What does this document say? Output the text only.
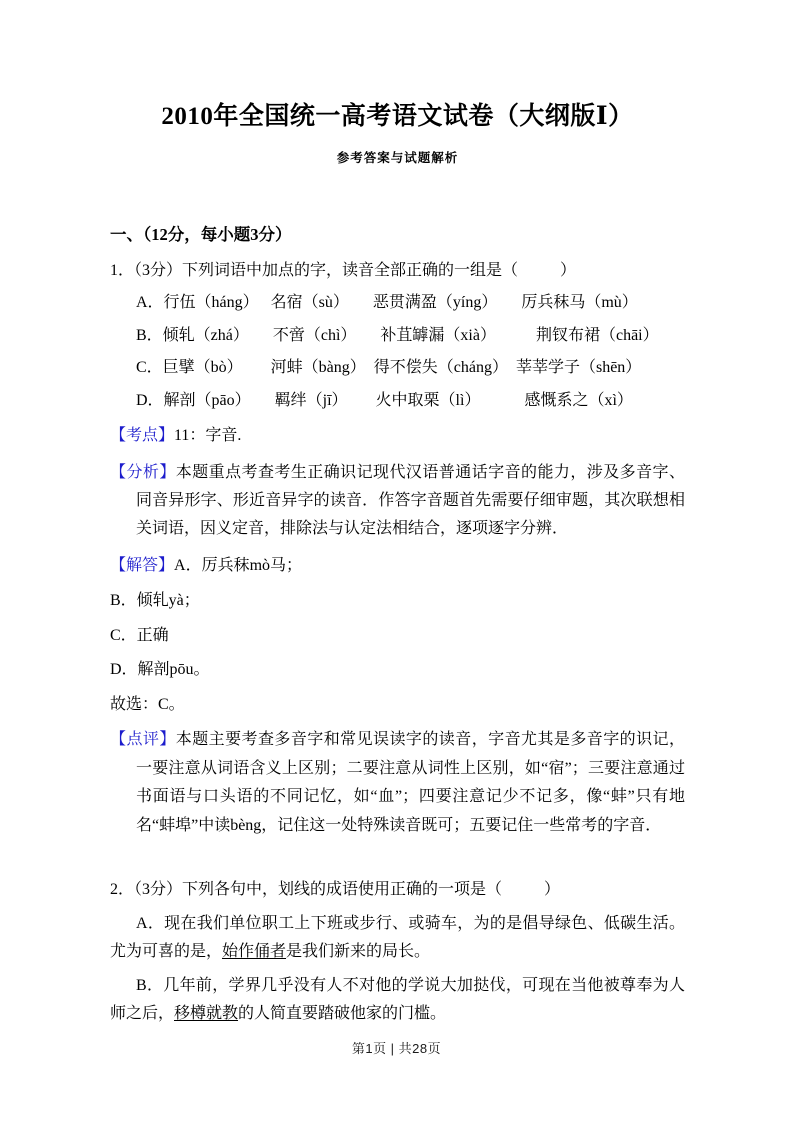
2010年全国统一高考语文试卷（大纲版Ⅰ）
参考答案与试题解析
一、（12分，每小题3分）
1．（3分）下列词语中加点的字，读音全部正确的一组是（	）
A．行伍（háng）　 名宿（sù）　　恶贯满盈（yíng）　　厉兵秣马（mù）
B．倾轧（zhá）　　不啻（chì）　　补苴罅漏（xià）　　　荆钗布裙（chāi）
C．巨擘（bò）　　 河蚌（bàng）　得不偿失（cháng）　莘莘学子（shēn）
D．解剖（pāo）　　羁绊（jī）　　 火中取栗（lì）　　　 感慨系之（xì）
【考点】11：字音.
【分析】本题重点考查考生正确识记现代汉语普通话字音的能力，涉及多音字、同音异形字、形近音异字的读音．作答字音题首先需要仔细审题，其次联想相关词语，因义定音，排除法与认定法相结合，逐项逐字分辨．
【解答】A．厉兵秣mò马；
B．倾轧yà；
C．正确
D．解剖pōu。
故选：C。
【点评】本题主要考查多音字和常见误读字的读音，字音尤其是多音字的识记，一要注意从词语含义上区别；二要注意从词性上区别，如“宿”；三要注意通过书面语与口头语的不同记忆，如“血”；四要注意记少不记多，像“蚌”只有地名“蚌埠”中读bèng，记住这一处特殊读音既可；五要记住一些常考的字音．
2．（3分）下列各句中，划线的成语使用正确的一项是（	）
A．现在我们单位职工上下班或步行、或骑车，为的是倡导绿色、低碳生活。尤为可喜的是，始作俑者是我们新来的局长。
B．几年前，学界几乎没有人不对他的学说大加挞伐，可现在当他被尊奉为人师之后，移樽就教的人简直要踏破他家的门槛。
第1页 | 共28页
